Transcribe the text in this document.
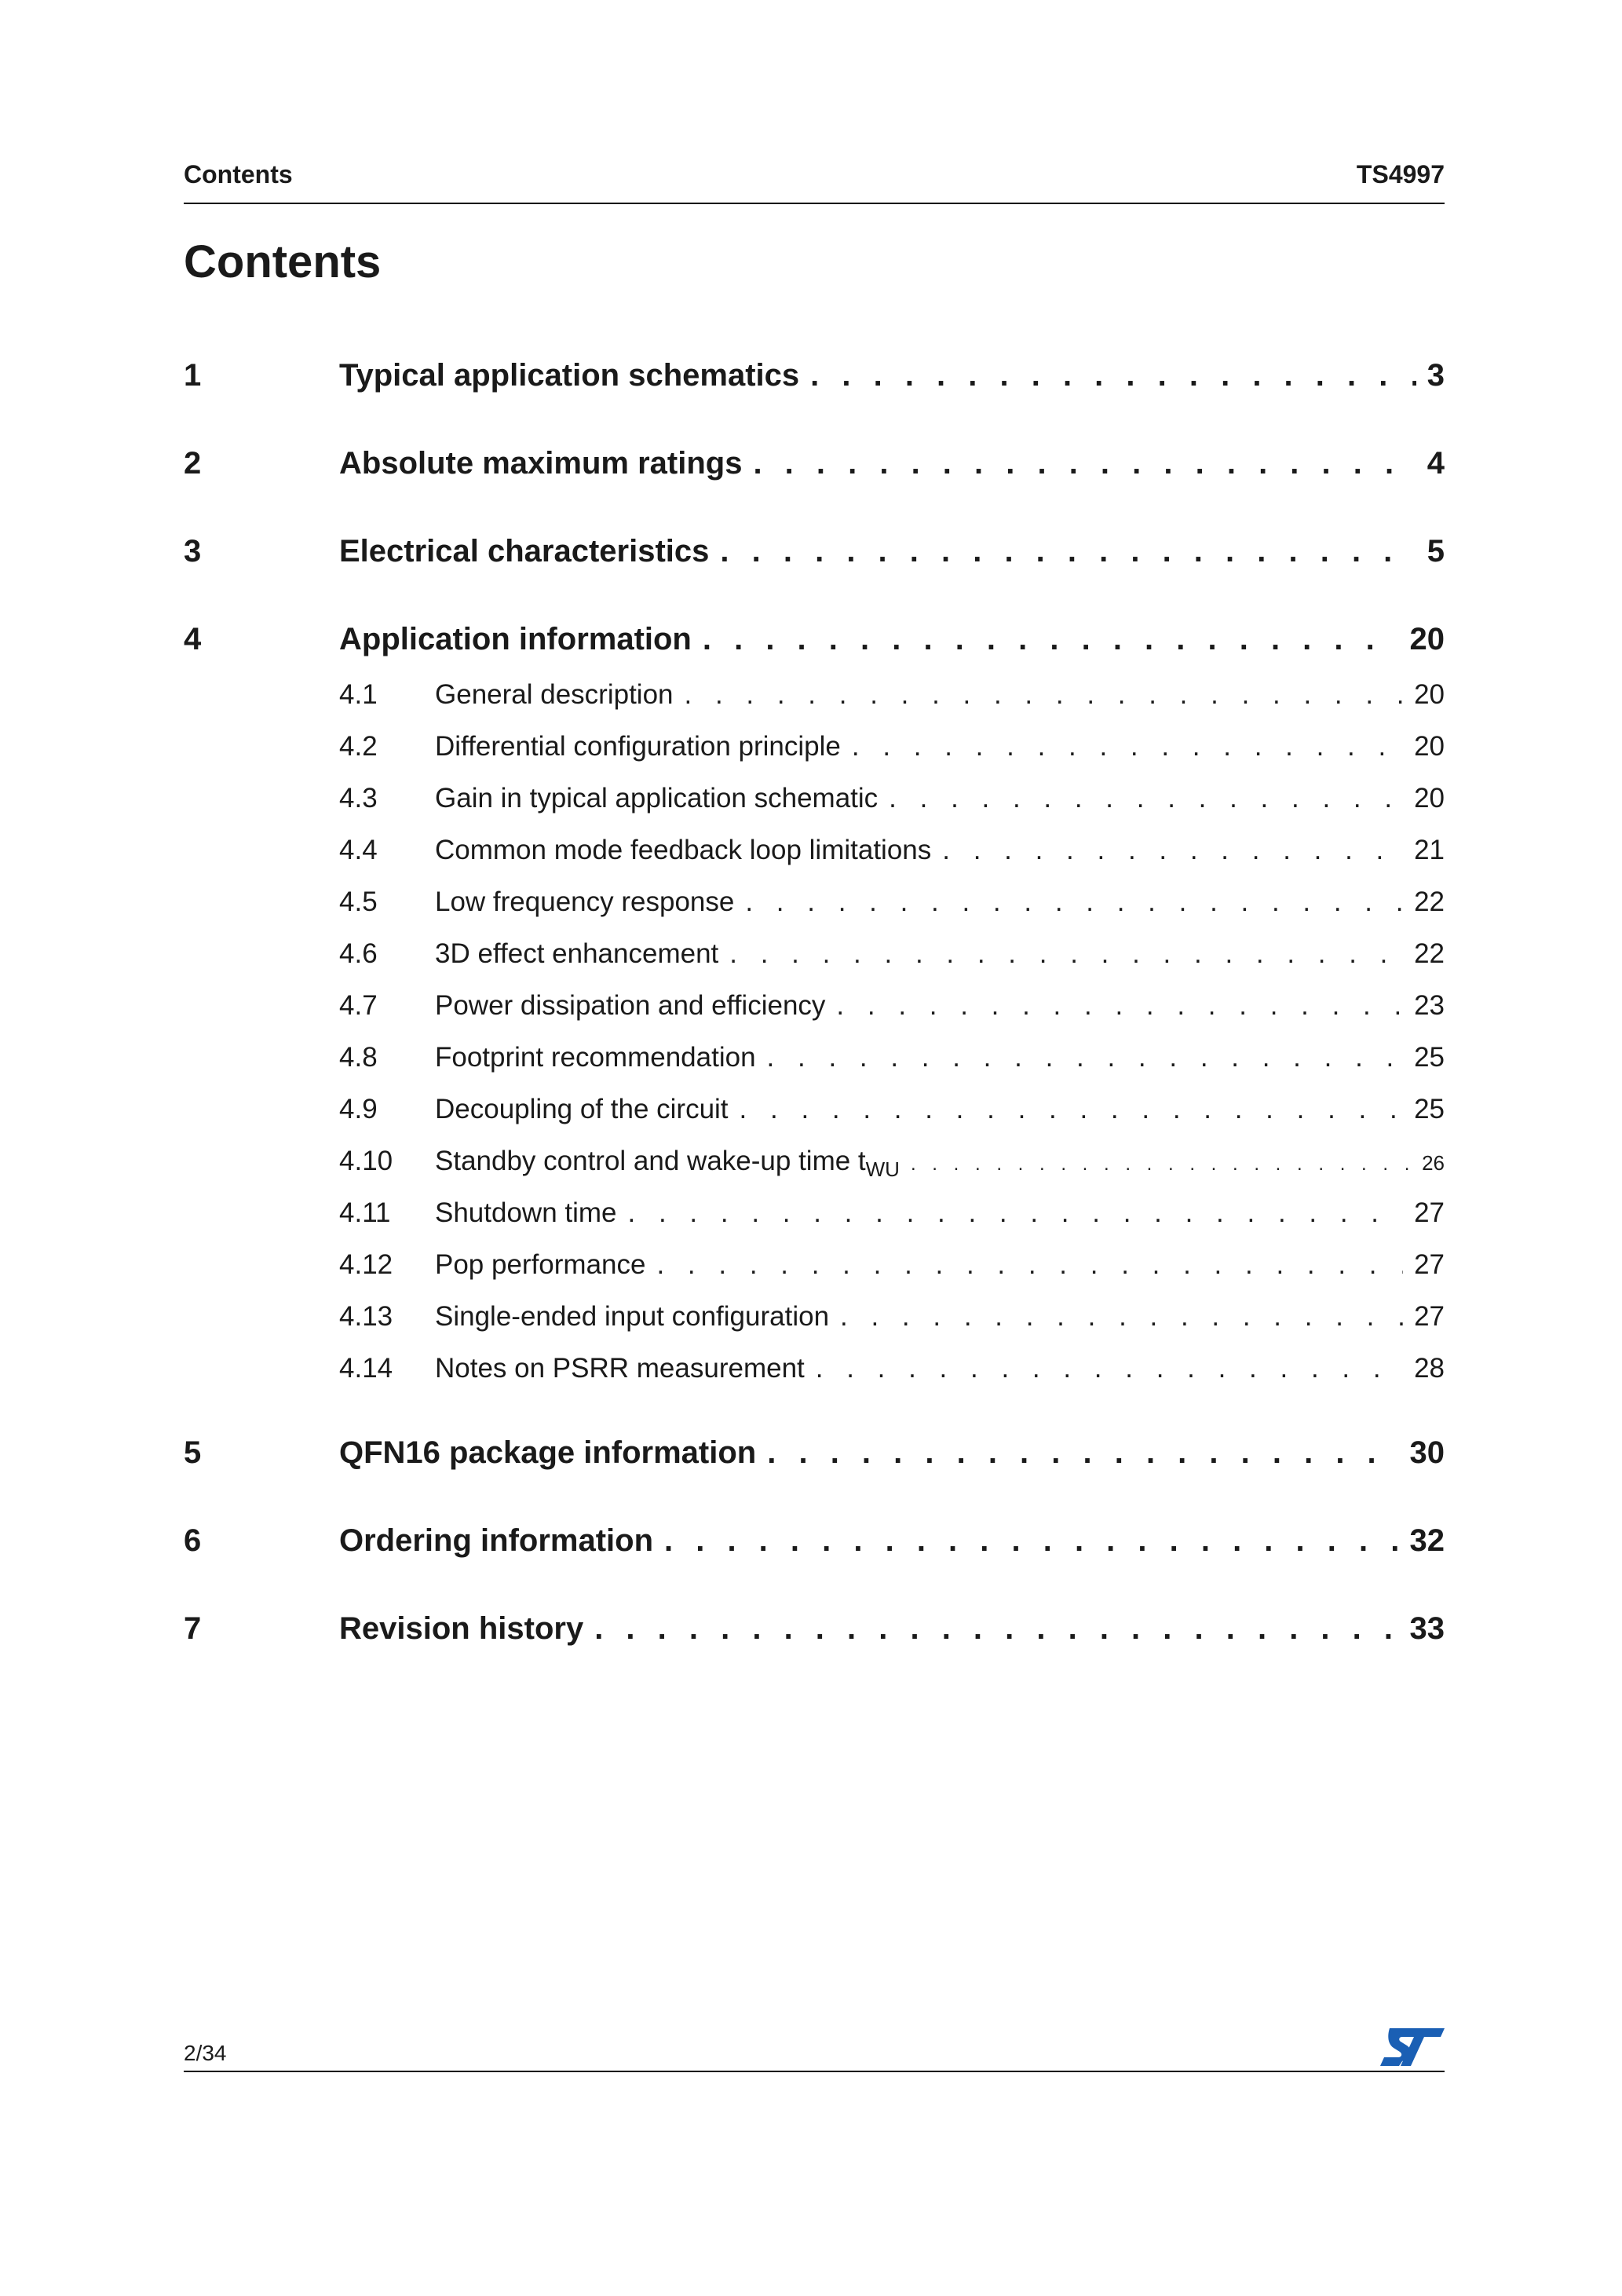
Contents	TS4997
Contents
1	Typical application schematics . . .	3
2	Absolute maximum ratings . . .	4
3	Electrical characteristics . . .	5
4	Application information . . .	20
4.1	General description . . .	20
4.2	Differential configuration principle . . .	20
4.3	Gain in typical application schematic . . .	20
4.4	Common mode feedback loop limitations . . .	21
4.5	Low frequency response . . .	22
4.6	3D effect enhancement . . .	22
4.7	Power dissipation and efficiency . . .	23
4.8	Footprint recommendation . . .	25
4.9	Decoupling of the circuit . . .	25
4.10	Standby control and wake-up time $t_{WU}$ . . .	26
4.11	Shutdown time . . .	27
4.12	Pop performance . . .	27
4.13	Single-ended input configuration . . .	27
4.14	Notes on PSRR measurement . . .	28
5	QFN16 package information . . .	30
6	Ordering information . . .	32
7	Revision history . . .	33
2/34
